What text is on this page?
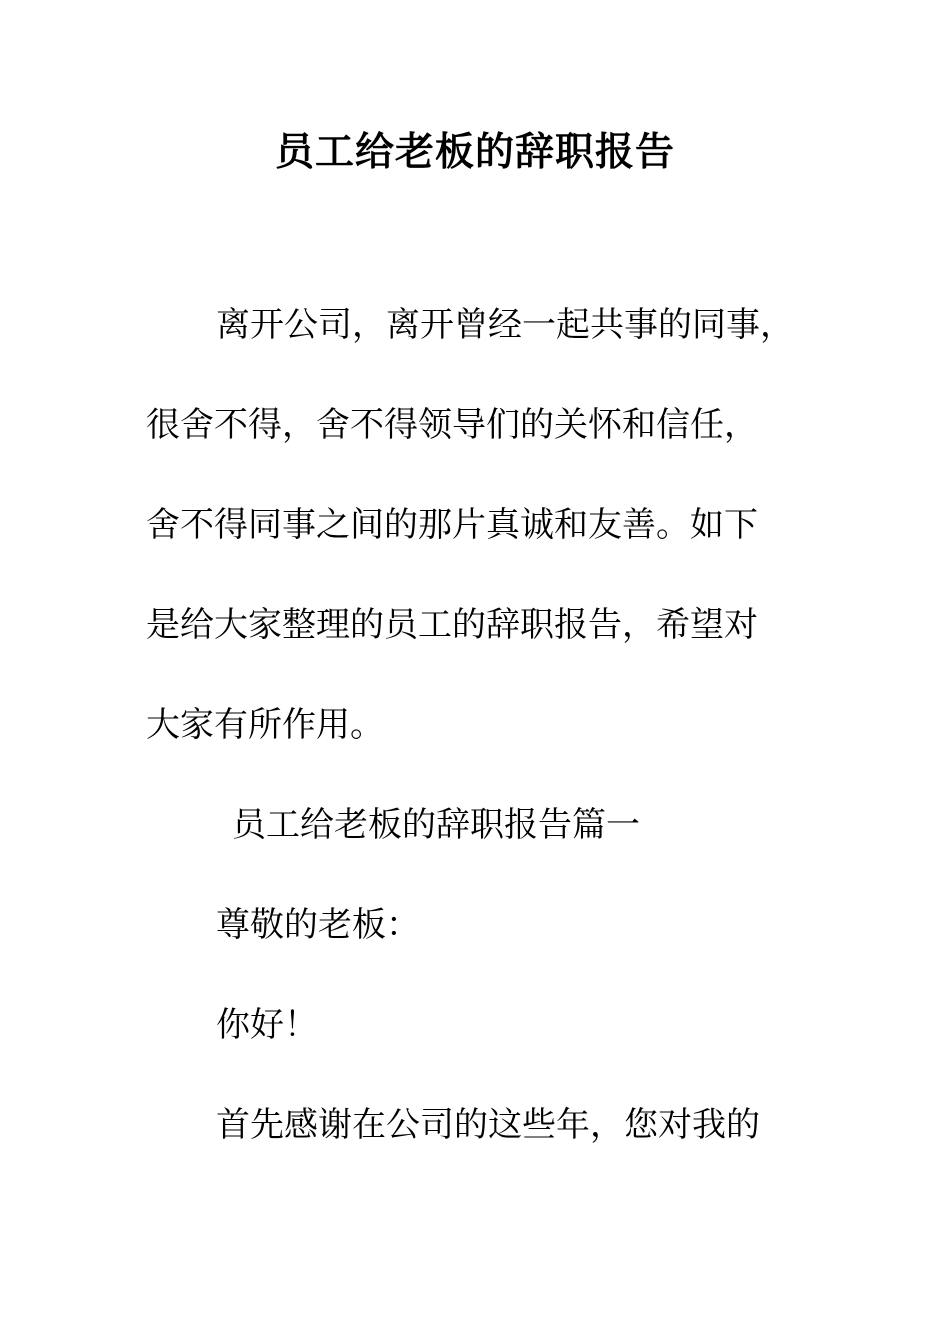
员工给老板的辞职报告
离开公司，离开曾经一起共事的同事，
很舍不得，舍不得领导们的关怀和信任，
舍不得同事之间的那片真诚和友善。如下
是给大家整理的员工的辞职报告，希望对
大家有所作用。
员工给老板的辞职报告篇一
尊敬的老板：
你好！
首先感谢在公司的这些年，您对我的
